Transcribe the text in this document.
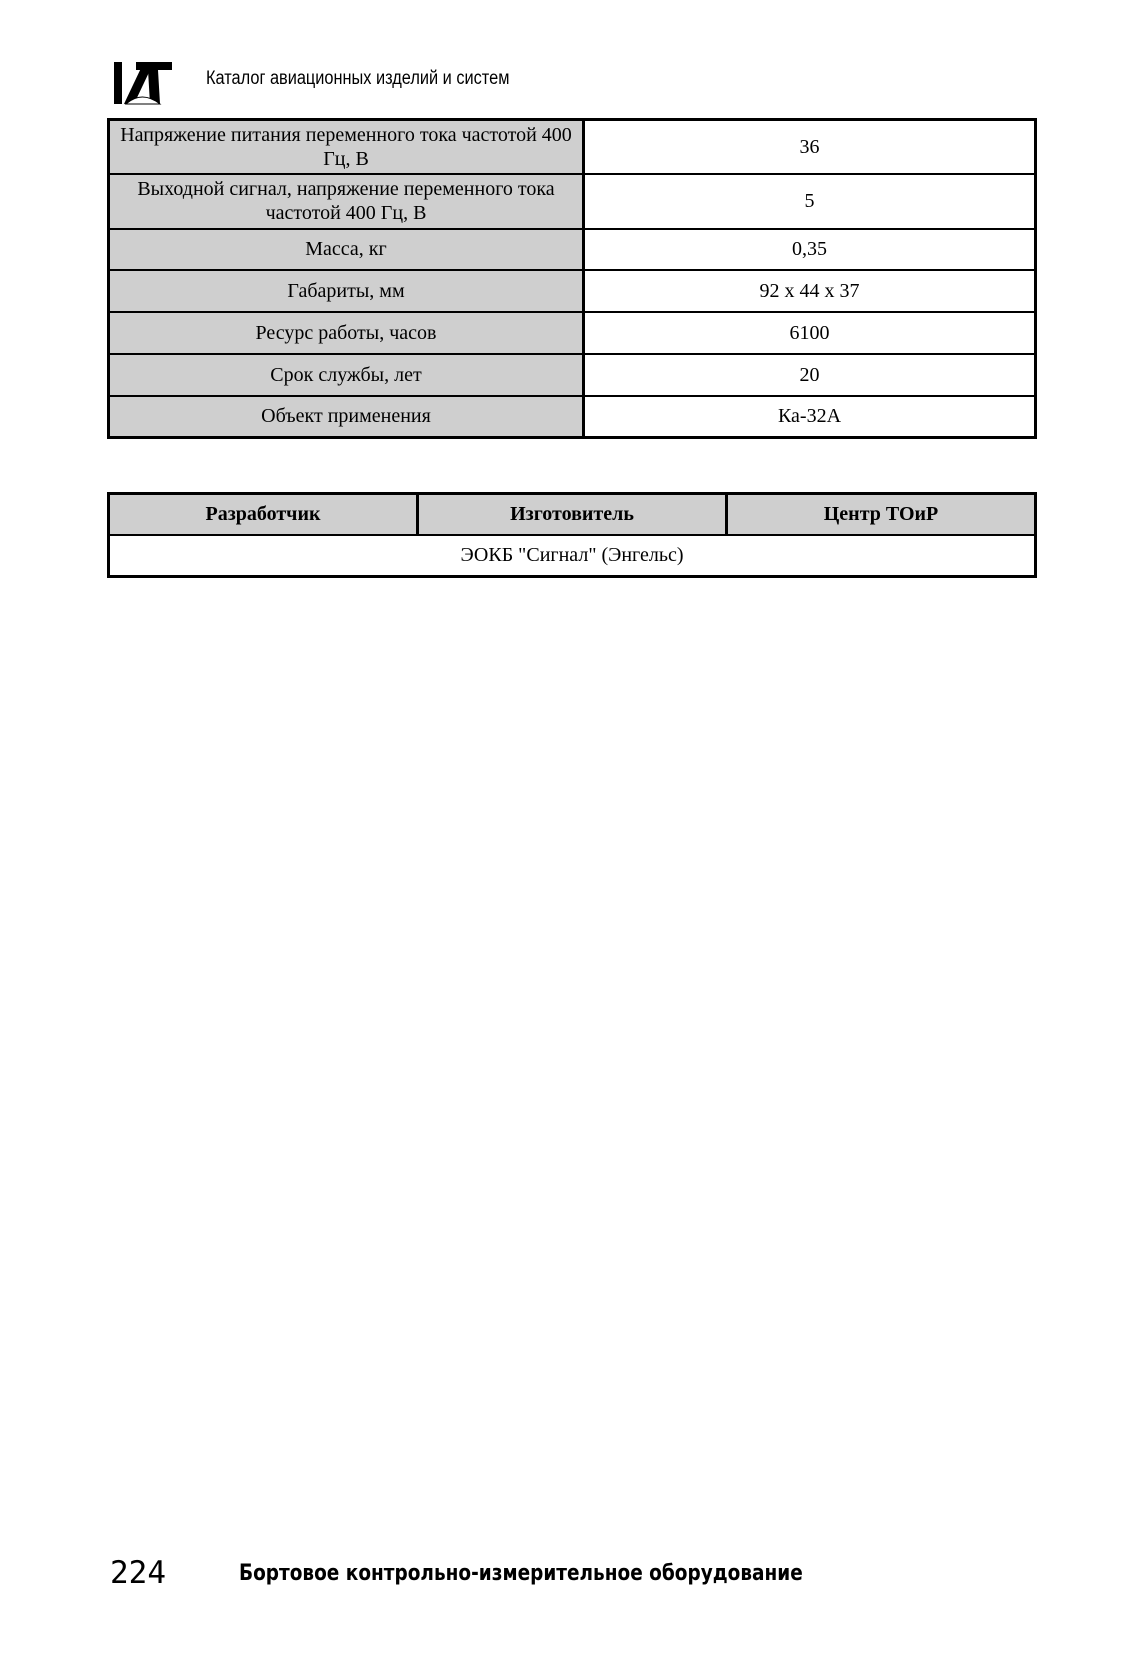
Каталог авиационных изделий и систем
Напряжение питания переменного тока частотой 400 Гц, В	36
Выходной сигнал, напряжение переменного тока частотой 400 Гц, В	5
Масса, кг	0,35
Габариты, мм	92 x 44 x 37
Ресурс работы, часов	6100
Срок службы, лет	20
Объект применения	Ка-32А
Разработчик	Изготовитель	Центр ТОиР
ЭОКБ "Сигнал" (Энгельс)
224	Бортовое контрольно-измерительное оборудование
